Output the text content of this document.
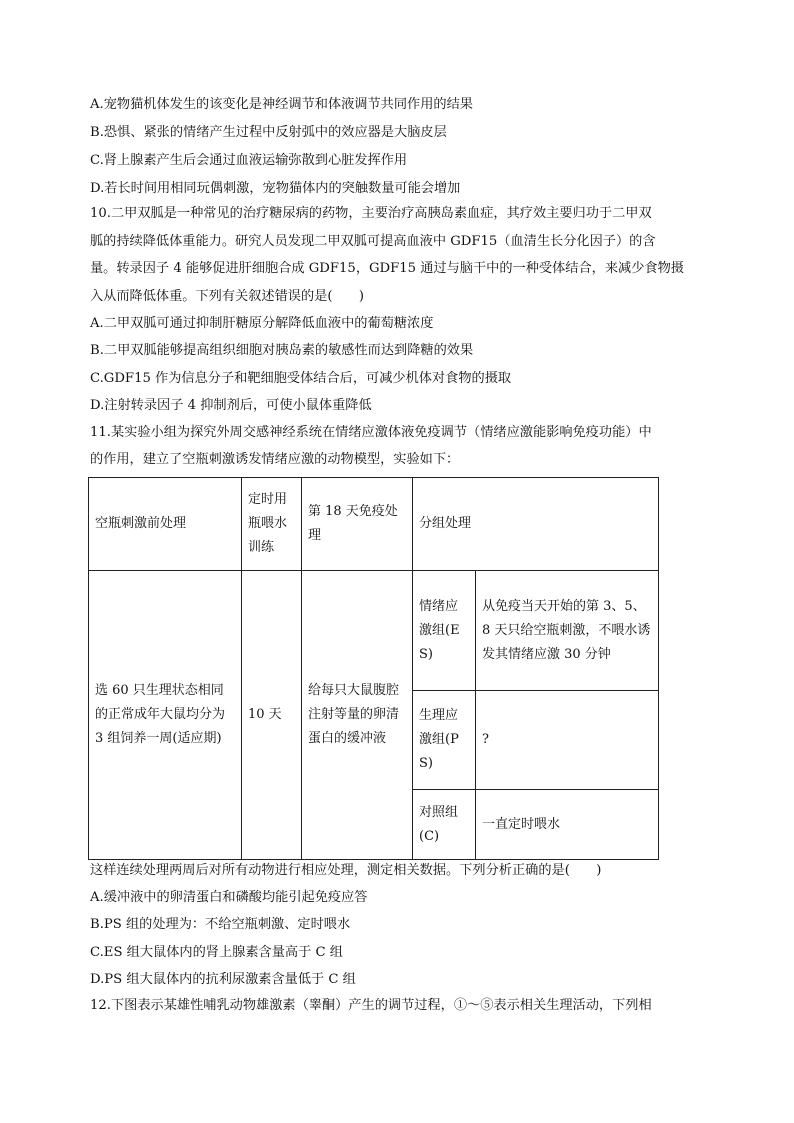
A.宠物猫机体发生的该变化是神经调节和体液调节共同作用的结果
B.恐惧、紧张的情绪产生过程中反射弧中的效应器是大脑皮层
C.肾上腺素产生后会通过血液运输弥散到心脏发挥作用
D.若长时间用相同玩偶刺激，宠物猫体内的突触数量可能会增加
10.二甲双胍是一种常见的治疗糖尿病的药物，主要治疗高胰岛素血症，其疗效主要归功于二甲双
胍的持续降低体重能力。研究人员发现二甲双胍可提高血液中 GDF15（血清生长分化因子）的含
量。转录因子 4 能够促进肝细胞合成 GDF15，GDF15 通过与脑干中的一种受体结合，来减少食物摄
入从而降低体重。下列有关叙述错误的是(　　)
A.二甲双胍可通过抑制肝糖原分解降低血液中的葡萄糖浓度
B.二甲双胍能够提高组织细胞对胰岛素的敏感性而达到降糖的效果
C.GDF15 作为信息分子和靶细胞受体结合后，可减少机体对食物的摄取
D.注射转录因子 4 抑制剂后，可使小鼠体重降低
11.某实验小组为探究外周交感神经系统在情绪应激体液免疫调节（情绪应激能影响免疫功能）中
的作用，建立了空瓶刺激诱发情绪应激的动物模型，实验如下：
空瓶刺激前处理	定时用瓶喂水训练	第 18 天免疫处理	分组处理	
选 60 只生理状态相同的正常成年大鼠均分为 3 组饲养一周(适应期)	10 天	给每只大鼠腹腔注射等量的卵清蛋白的缓冲液	情绪应激组(ES)	从免疫当天开始的第 3、5、8 天只给空瓶刺激，不喂水诱发其情绪应激 30 分钟
			生理应激组(PS)	?
			对照组(C)	一直定时喂水
这样连续处理两周后对所有动物进行相应处理，测定相关数据。下列分析正确的是(　　)
A.缓冲液中的卵清蛋白和磷酸均能引起免疫应答
B.PS 组的处理为：不给空瓶刺激、定时喂水
C.ES 组大鼠体内的肾上腺素含量高于 C 组
D.PS 组大鼠体内的抗利尿激素含量低于 C 组
12.下图表示某雄性哺乳动物雄激素（睾酮）产生的调节过程，①～⑤表示相关生理活动，下列相
